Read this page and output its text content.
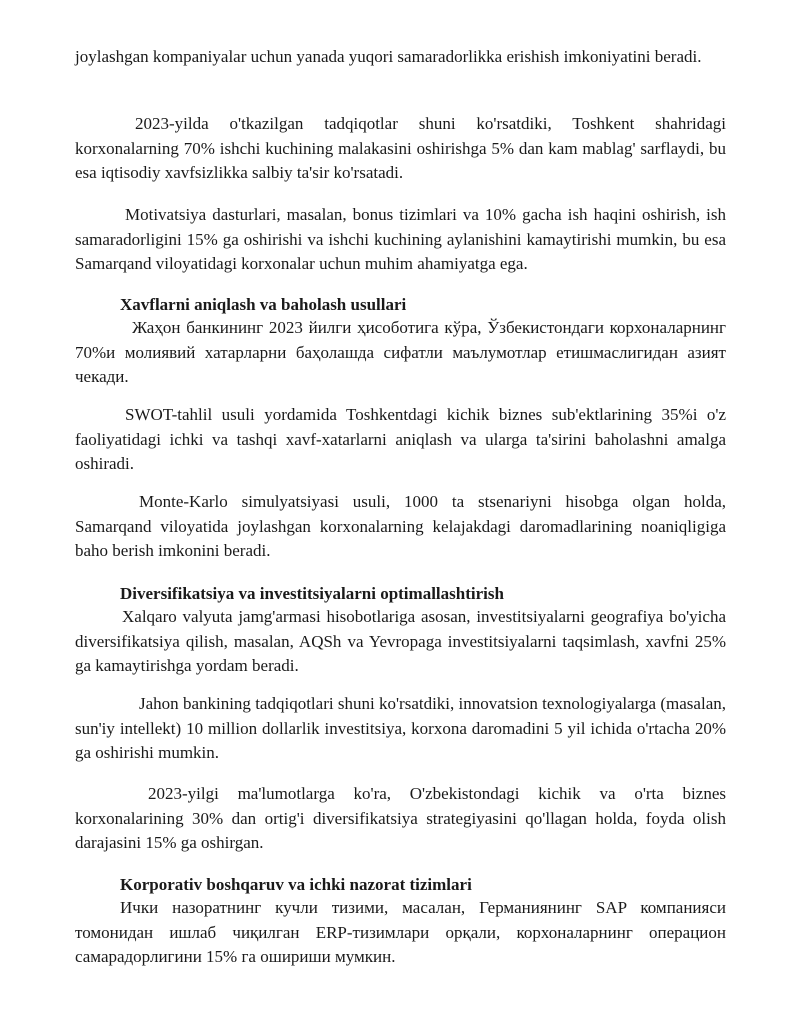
joylashgan kompaniyalar uchun yanada yuqori samaradorlikka erishish imkoniyatini beradi.

2023-yilda o'tkazilgan tadqiqotlar shuni ko'rsatdiki, Toshkent shahridagi korxonalarning 70% ishchi kuchining malakasini oshirishga 5% dan kam mablag' sarflaydi, bu esa iqtisodiy xavfsizlikka salbiy ta'sir ko'rsatadi.

Motivatsiya dasturlari, masalan, bonus tizimlari va 10% gacha ish haqini oshirish, ish samaradorligini 15% ga oshirishi va ishchi kuchining aylanishini kamaytirishi mumkin, bu esa Samarqand viloyatidagi korxonalar uchun muhim ahamiyatga ega.

Xavflarni aniqlash va baholash usullari

Жаҳон банкининг 2023 йилги ҳисоботига кўра, Ўзбекистондаги корхоналарнинг 70%и молиявий хатарларни баҳолашда сифатли маълумотлар етишмаслигидан азият чекади.

SWOT-tahlil usuli yordamida Toshkentdagi kichik biznes sub'ektlarining 35%i o'z faoliyatidagi ichki va tashqi xavf-xatarlarni aniqlash va ularga ta'sirini baholashni amalga oshiradi.

Monte-Karlo simulyatsiyasi usuli, 1000 ta stsenariyni hisobga olgan holda, Samarqand viloyatida joylashgan korxonalarning kelajakdagi daromadlarining noaniqligiga baho berish imkonini beradi.

Diversifikatsiya va investitsiyalarni optimallashtirish

Xalqaro valyuta jamg'armasi hisobotlariga asosan, investitsiyalarni geografiya bo'yicha diversifikatsiya qilish, masalan, AQSh va Yevropaga investitsiyalarni taqsimlash, xavfni 25% ga kamaytirishga yordam beradi.

Jahon bankining tadqiqotlari shuni ko'rsatdiki, innovatsion texnologiyalarga (masalan, sun'iy intellekt) 10 million dollarlik investitsiya, korxona daromadini 5 yil ichida o'rtacha 20% ga oshirishi mumkin.

2023-yilgi ma'lumotlarga ko'ra, O'zbekistondagi kichik va o'rta biznes korxonalarining 30% dan ortig'i diversifikatsiya strategiyasini qo'llagan holda, foyda olish darajasini 15% ga oshirgan.

Korporativ boshqaruv va ichki nazorat tizimlari

Ички назоратнинг кучли тизими, масалан, Германиянинг SAP компанияси томонидан ишлаб чиқилган ERP-тизимлари орқали, корхоналарнинг операцион самарадорлигини 15% га ошириши мумкин.
